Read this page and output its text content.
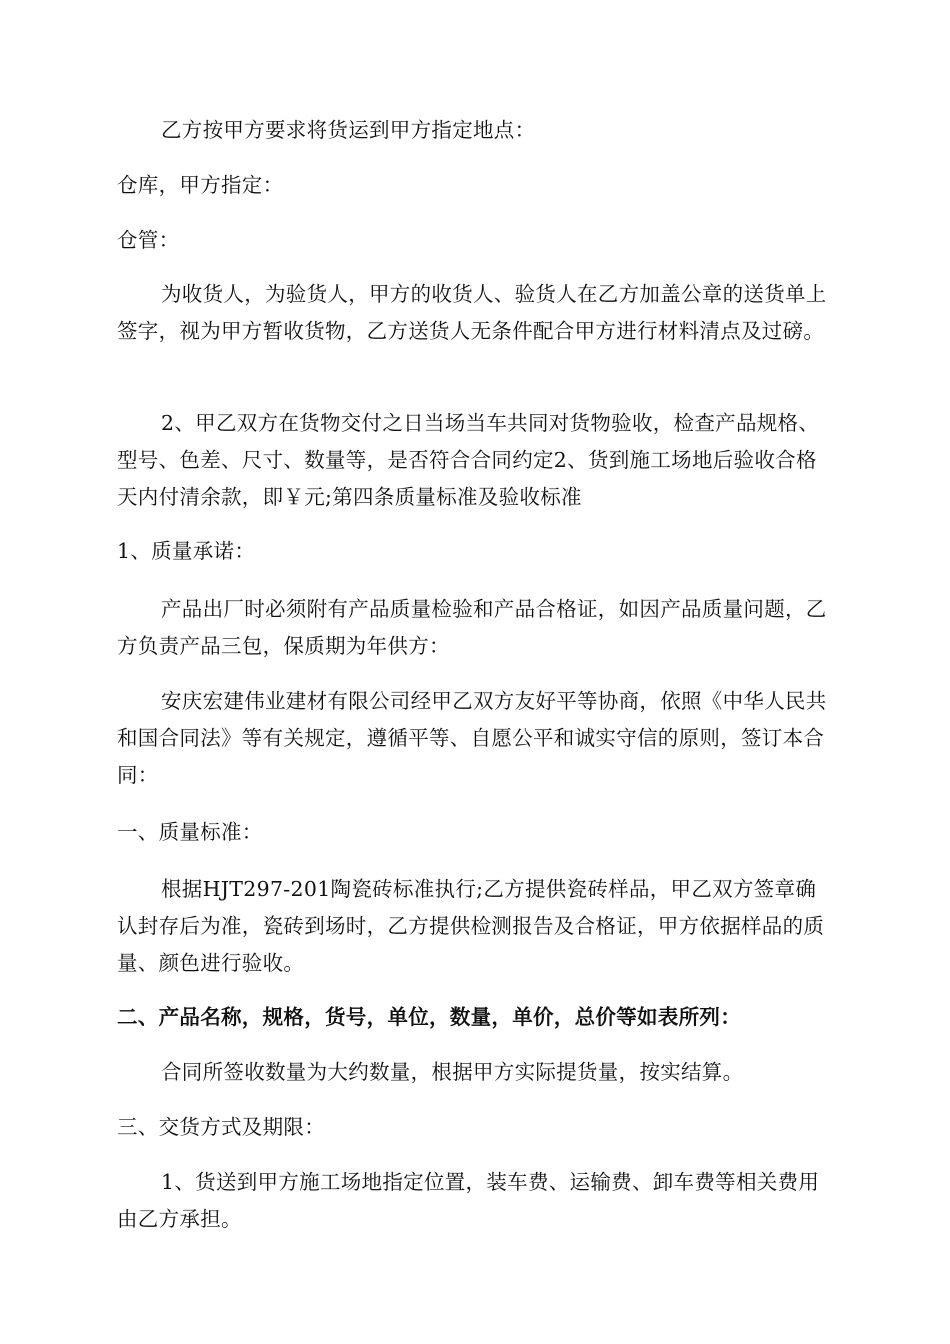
乙方按甲方要求将货运到甲方指定地点：

仓库，甲方指定：

仓管：

为收货人，为验货人，甲方的收货人、验货人在乙方加盖公章的送货单上签字，视为甲方暂收货物，乙方送货人无条件配合甲方进行材料清点及过磅。

2、甲乙双方在货物交付之日当场当车共同对货物验收，检查产品规格、型号、色差、尺寸、数量等，是否符合合同约定2、货到施工场地后验收合格天内付清余款，即￥元;第四条质量标准及验收标准

1、质量承诺：

产品出厂时必须附有产品质量检验和产品合格证，如因产品质量问题，乙方负责产品三包，保质期为年供方：

安庆宏建伟业建材有限公司经甲乙双方友好平等协商，依照《中华人民共和国合同法》等有关规定，遵循平等、自愿公平和诚实守信的原则，签订本合同：

一、质量标准：

根据HJT297-201陶瓷砖标准执行;乙方提供瓷砖样品，甲乙双方签章确认封存后为准，瓷砖到场时，乙方提供检测报告及合格证，甲方依据样品的质量、颜色进行验收。

二、产品名称，规格，货号，单位，数量，单价，总价等如表所列：

合同所签收数量为大约数量，根据甲方实际提货量，按实结算。

三、交货方式及期限：

1、货送到甲方施工场地指定位置，装车费、运输费、卸车费等相关费用由乙方承担。
